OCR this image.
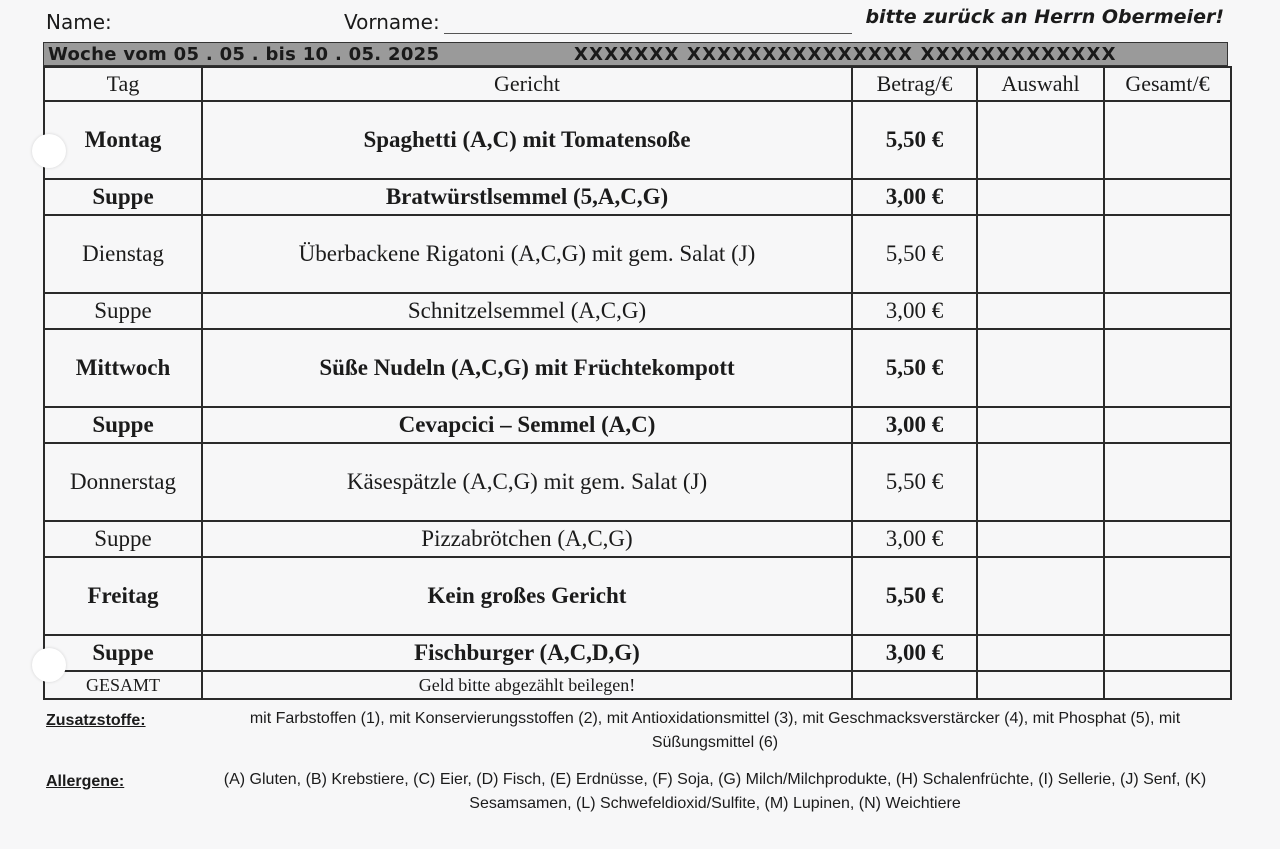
Name:	Vorname:	bitte zurück an Herrn Obermeier!
Woche vom 05 . 05 . bis 10 . 05. 2025	XXXXXXX XXXXXXXXXXXXXXX XXXXXXXXXXXXX
Tag	Gericht	Betrag/€	Auswahl	Gesamt/€
Montag	Spaghetti (A,C) mit Tomatensoße	5,50 €		
Suppe	Bratwürstlsemmel (5,A,C,G)	3,00 €		
Dienstag	Überbackene Rigatoni (A,C,G) mit gem. Salat (J)	5,50 €		
Suppe	Schnitzelsemmel (A,C,G)	3,00 €		
Mittwoch	Süße Nudeln (A,C,G) mit Früchtekompott	5,50 €		
Suppe	Cevapcici – Semmel (A,C)	3,00 €		
Donnerstag	Käsespätzle (A,C,G) mit gem. Salat (J)	5,50 €		
Suppe	Pizzabrötchen (A,C,G)	3,00 €		
Freitag	Kein großes Gericht	5,50 €		
Suppe	Fischburger (A,C,D,G)	3,00 €		
GESAMT	Geld bitte abgezählt beilegen!			
Zusatzstoffe:	mit Farbstoffen (1), mit Konservierungsstoffen (2), mit Antioxidationsmittel (3), mit Geschmacksverstärcker (4), mit Phosphat (5), mit Süßungsmittel (6)
Allergene:	(A) Gluten, (B) Krebstiere, (C) Eier, (D) Fisch, (E) Erdnüsse, (F) Soja, (G) Milch/Milchprodukte, (H) Schalenfrüchte, (I) Sellerie, (J) Senf, (K) Sesamsamen, (L) Schwefeldioxid/Sulfite, (M) Lupinen, (N) Weichtiere
